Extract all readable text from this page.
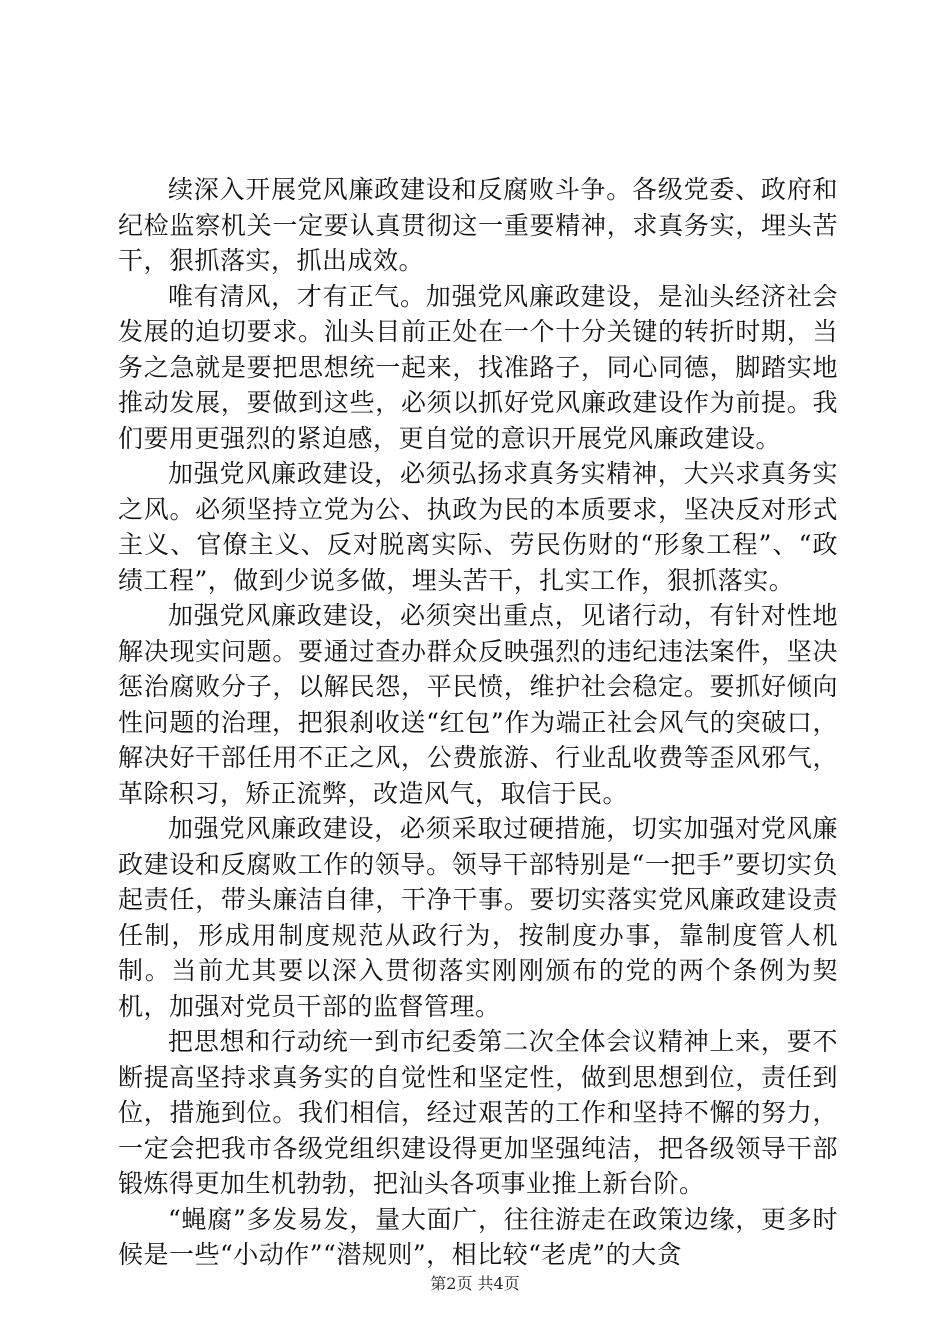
续深入开展党风廉政建设和反腐败斗争。各级党委、政府和纪检监察机关一定要认真贯彻这一重要精神，求真务实，埋头苦干，狠抓落实，抓出成效。

唯有清风，才有正气。加强党风廉政建设，是汕头经济社会发展的迫切要求。汕头目前正处在一个十分关键的转折时期，当务之急就是要把思想统一起来，找准路子，同心同德，脚踏实地推动发展，要做到这些，必须以抓好党风廉政建设作为前提。我们要用更强烈的紧迫感，更自觉的意识开展党风廉政建设。

加强党风廉政建设，必须弘扬求真务实精神，大兴求真务实之风。必须坚持立党为公、执政为民的本质要求，坚决反对形式主义、官僚主义、反对脱离实际、劳民伤财的“形象工程”、“政绩工程”，做到少说多做，埋头苦干，扎实工作，狠抓落实。

加强党风廉政建设，必须突出重点，见诸行动，有针对性地解决现实问题。要通过查办群众反映强烈的违纪违法案件，坚决惩治腐败分子，以解民怨，平民愤，维护社会稳定。要抓好倾向性问题的治理，把狠刹收送“红包”作为端正社会风气的突破口，解决好干部任用不正之风，公费旅游、行业乱收费等歪风邪气，革除积习，矫正流弊，改造风气，取信于民。

加强党风廉政建设，必须采取过硬措施，切实加强对党风廉政建设和反腐败工作的领导。领导干部特别是“一把手”要切实负起责任，带头廉洁自律，干净干事。要切实落实党风廉政建设责任制，形成用制度规范从政行为，按制度办事，靠制度管人机制。当前尤其要以深入贯彻落实刚刚颁布的党的两个条例为契机，加强对党员干部的监督管理。

把思想和行动统一到市纪委第二次全体会议精神上来，要不断提高坚持求真务实的自觉性和坚定性，做到思想到位，责任到位，措施到位。我们相信，经过艰苦的工作和坚持不懈的努力，一定会把我市各级党组织建设得更加坚强纯洁，把各级领导干部锻炼得更加生机勃勃，把汕头各项事业推上新台阶。

“蝇腐”多发易发，量大面广，往往游走在政策边缘，更多时候是一些“小动作”“潜规则”，相比较“老虎”的大贪

第2页 共4页
